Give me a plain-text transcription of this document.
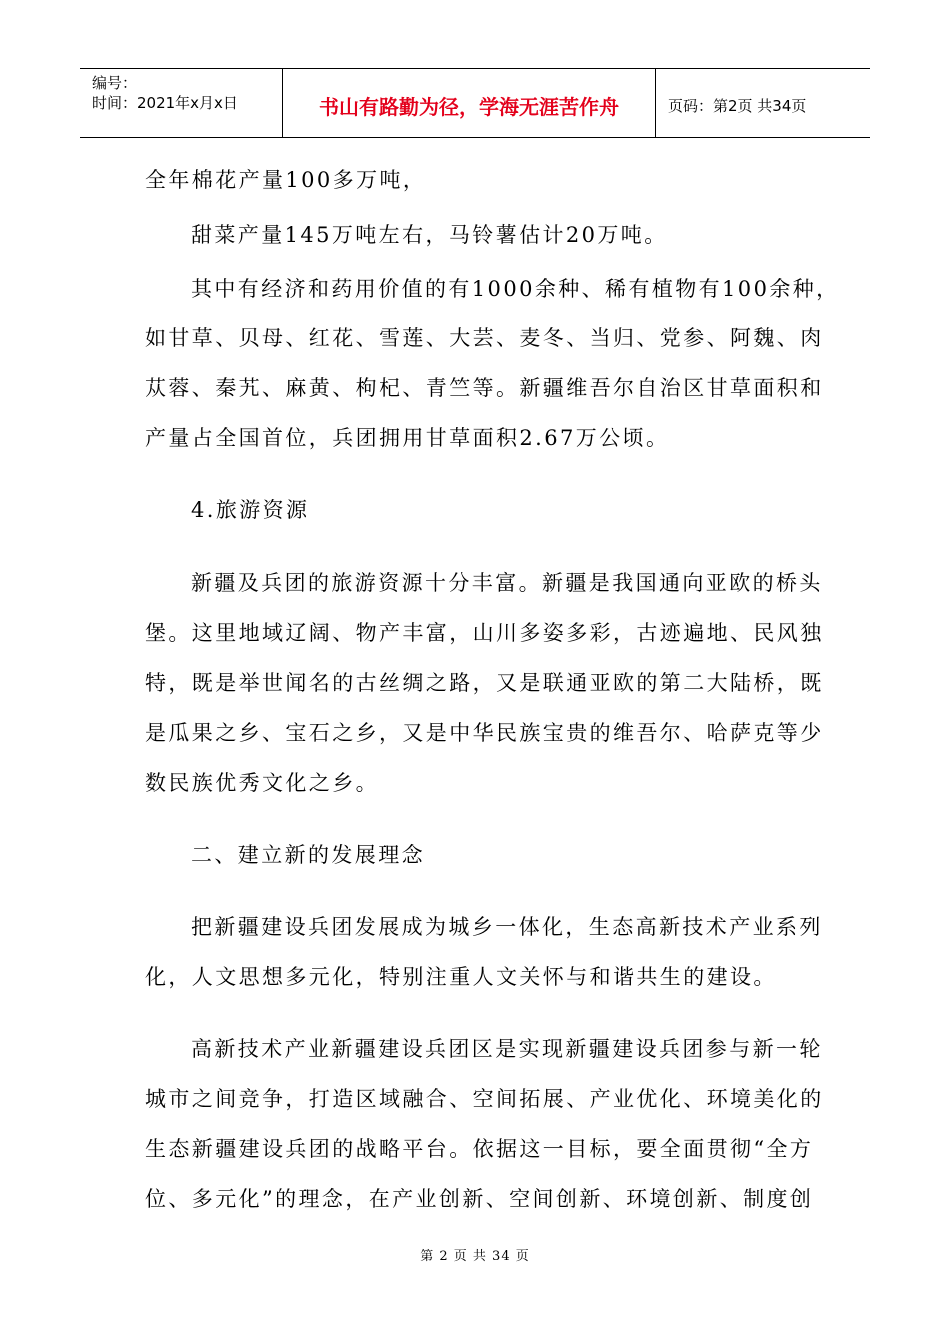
编号：
时间：2021年x月x日	书山有路勤为径，学海无涯苦作舟	页码：第2页 共34页
全年棉花产量100多万吨，
甜菜产量145万吨左右，马铃薯估计20万吨。
其中有经济和药用价值的有1000余种、稀有植物有100余种，
如甘草、贝母、红花、雪莲、大芸、麦冬、当归、党参、阿魏、肉
苁蓉、秦艽、麻黄、枸杞、青竺等。新疆维吾尔自治区甘草面积和
产量占全国首位，兵团拥用甘草面积2.67万公顷。
4.旅游资源
新疆及兵团的旅游资源十分丰富。新疆是我国通向亚欧的桥头
堡。这里地域辽阔、物产丰富，山川多姿多彩，古迹遍地、民风独
特，既是举世闻名的古丝绸之路，又是联通亚欧的第二大陆桥，既
是瓜果之乡、宝石之乡，又是中华民族宝贵的维吾尔、哈萨克等少
数民族优秀文化之乡。
二、建立新的发展理念
把新疆建设兵团发展成为城乡一体化，生态高新技术产业系列
化，人文思想多元化，特别注重人文关怀与和谐共生的建设。
高新技术产业新疆建设兵团区是实现新疆建设兵团参与新一轮
城市之间竞争，打造区域融合、空间拓展、产业优化、环境美化的
生态新疆建设兵团的战略平台。依据这一目标，要全面贯彻“全方
位、多元化”的理念，在产业创新、空间创新、环境创新、制度创
第 2 页 共 34 页
